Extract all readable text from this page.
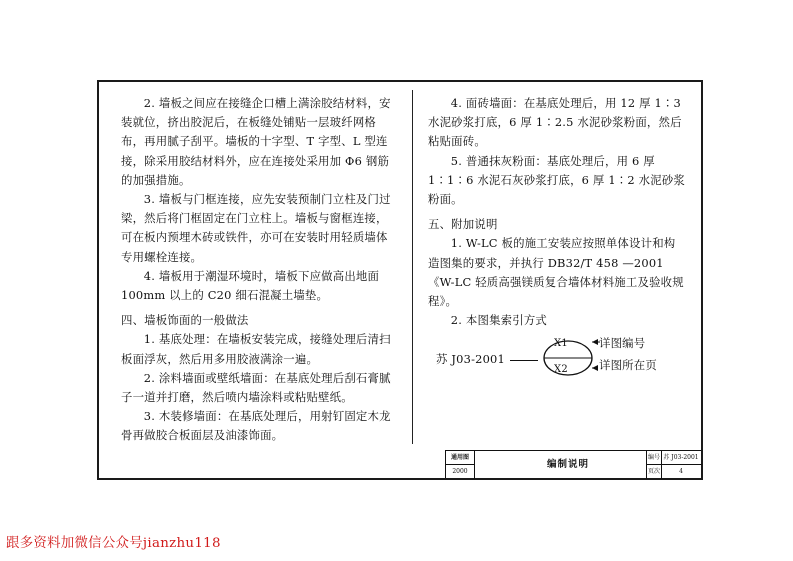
2. 墙板之间应在接缝企口槽上满涂胶结材料，安装就位，挤出胶泥后，在板缝处铺贴一层玻纤网格布，再用腻子刮平。墙板的十字型、T 字型、L 型连接，除采用胶结材料外，应在连接处采用加 Φ6 钢筋的加强措施。

3. 墙板与门框连接，应先安装预制门立柱及门过梁，然后将门框固定在门立柱上。墙板与窗框连接，可在板内预埋木砖或铁件，亦可在安装时用轻质墙体专用螺栓连接。

4. 墙板用于潮湿环境时，墙板下应做高出地面 100mm 以上的 C20 细石混凝土墙垫。

四、墙板饰面的一般做法

1. 基底处理：在墙板安装完成，接缝处理后清扫板面浮灰，然后用多用胶液满涂一遍。

2. 涂料墙面或壁纸墙面：在基底处理后刮石膏腻子一道并打磨，然后喷内墙涂料或粘贴壁纸。

3. 木装修墙面：在基底处理后，用射钉固定木龙骨再做胶合板面层及油漆饰面。

4. 面砖墙面：在基底处理后，用 12 厚 1∶3 水泥砂浆打底，6 厚 1∶2.5 水泥砂浆粉面，然后粘贴面砖。

5. 普通抹灰粉面：基底处理后，用 6 厚 1∶1∶6 水泥石灰砂浆打底，6 厚 1∶2 水泥砂浆粉面。

五、附加说明

1. W-LC 板的施工安装应按照单体设计和构造图集的要求，并执行 DB32/T 458 —2001《W-LC 轻质高强镁质复合墙体材料施工及验收规程》。

2. 本图集索引方式

苏 J03-2001
X1
X2
详图编号
详图所在页
通用图
2000
编制说明
编号
页次
苏 J03-2001
4
跟多资料加微信公众号jianzhu118
